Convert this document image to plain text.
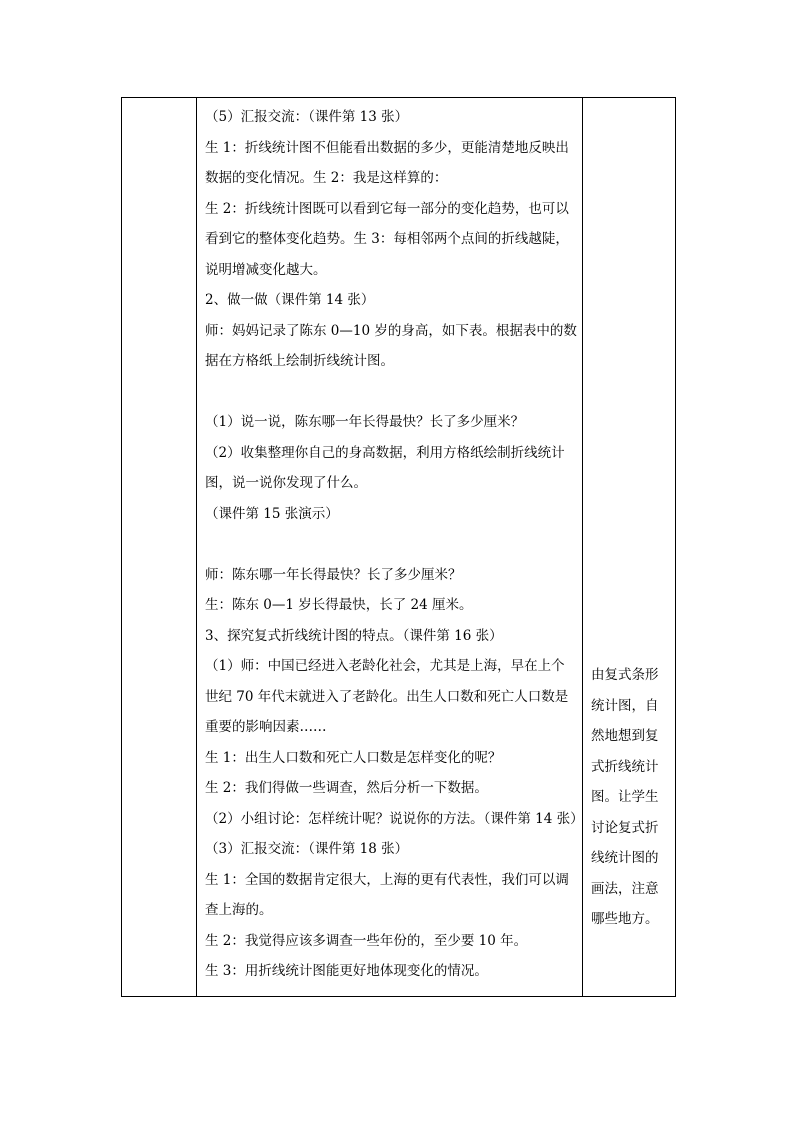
（5）汇报交流：（课件第 13 张）
生 1：折线统计图不但能看出数据的多少，更能清楚地反映出
数据的变化情况。生 2：我是这样算的：
生 2：折线统计图既可以看到它每一部分的变化趋势，也可以
看到它的整体变化趋势。生 3：每相邻两个点间的折线越陡，
说明增减变化越大。
2、做一做（课件第 14 张）
师：妈妈记录了陈东 0—10 岁的身高，如下表。根据表中的数
据在方格纸上绘制折线统计图。
（1）说一说，陈东哪一年长得最快？长了多少厘米？
（2）收集整理你自己的身高数据，利用方格纸绘制折线统计
图，说一说你发现了什么。
（课件第 15 张演示）
师：陈东哪一年长得最快？长了多少厘米？
生：陈东 0—1 岁长得最快，长了 24 厘米。
3、探究复式折线统计图的特点。（课件第 16 张）
（1）师：中国已经进入老龄化社会，尤其是上海，早在上个
世纪 70 年代末就进入了老龄化。出生人口数和死亡人口数是
重要的影响因素……
生 1：出生人口数和死亡人口数是怎样变化的呢？
生 2：我们得做一些调查，然后分析一下数据。
（2）小组讨论：怎样统计呢？说说你的方法。（课件第 14 张）
（3）汇报交流：（课件第 18 张）
生 1：全国的数据肯定很大，上海的更有代表性，我们可以调
查上海的。
生 2：我觉得应该多调查一些年份的，至少要 10 年。
生 3：用折线统计图能更好地体现变化的情况。

由复式条形
统计图，自
然地想到复
式折线统计
图。让学生
讨论复式折
线统计图的
画法，注意
哪些地方。
